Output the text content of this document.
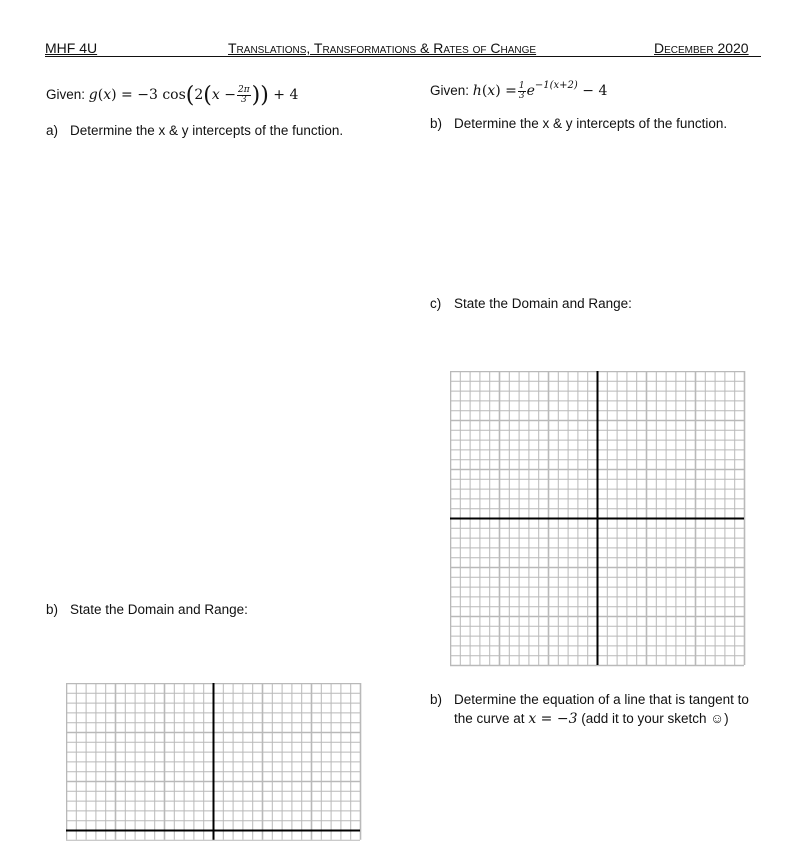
MHF 4U	Translations, Transformations & Rates of Change	December 2020
Given: g(x) = −3 $\cos(2(x - \frac{2\pi}{3}$ )) + 4
a) Determine the x & y intercepts of the function.
b) State the Domain and Range:
Given: $h(x) = \frac{1}{3} e^{-1(x+2)} - 4$
b) Determine the x & y intercepts of the function.
c) State the Domain and Range:
b) Determine the equation of a line that is tangent to
the curve at x = −3 (add it to your sketch ☺)
